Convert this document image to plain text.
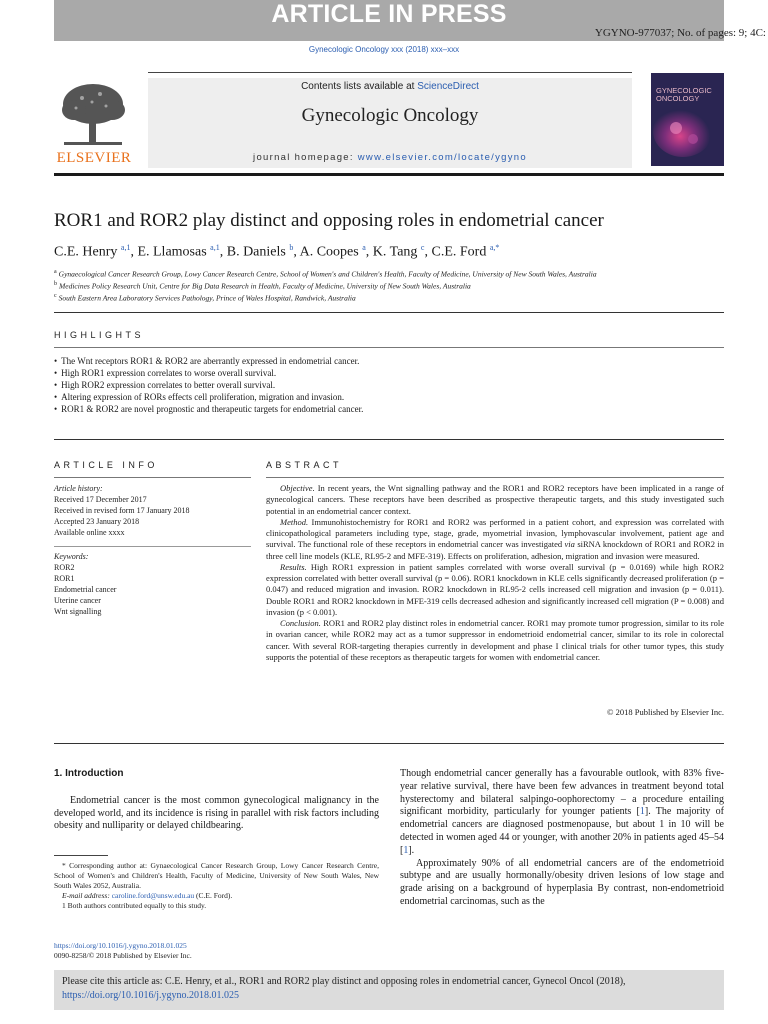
ARTICLE IN PRESS
YGYNO-977037; No. of pages: 9; 4C:
Gynecologic Oncology xxx (2018) xxx–xxx
ELSEVIER
Contents lists available at ScienceDirect
Gynecologic Oncology
journal homepage: www.elsevier.com/locate/ygyno
GYNECOLOGIC
ONCOLOGY
ROR1 and ROR2 play distinct and opposing roles in endometrial cancer
C.E. Henry $^{a,1}$, E. Llamosas $^{a,1}$, B. Daniels $^b$, A. Coopes $^a$, K. Tang $^c$, C.E. Ford $^{a,*}$
$^a$ Gynaecological Cancer Research Group, Lowy Cancer Research Centre, School of Women's and Children's Health, Faculty of Medicine, University of New South Wales, Australia
$^b$ Medicines Policy Research Unit, Centre for Big Data Research in Health, Faculty of Medicine, University of New South Wales, Australia
$^c$ South Eastern Area Laboratory Services Pathology, Prince of Wales Hospital, Randwick, Australia
HIGHLIGHTS
• The Wnt receptors ROR1 & ROR2 are aberrantly expressed in endometrial cancer.
• High ROR1 expression correlates to worse overall survival.
• High ROR2 expression correlates to better overall survival.
• Altering expression of RORs effects cell proliferation, migration and invasion.
• ROR1 & ROR2 are novel prognostic and therapeutic targets for endometrial cancer.
ARTICLE INFO	ABSTRACT
Article history:
Received 17 December 2017
Received in revised form 17 January 2018
Accepted 23 January 2018
Available online xxxx
Keywords:
ROR2
ROR1
Endometrial cancer
Uterine cancer
Wnt signalling

Objective. In recent years, the Wnt signalling pathway and the ROR1 and ROR2 receptors have been implicated in a range of gynecological cancers. These receptors have been described as prospective therapeutic targets, and this study investigated such potential in an endometrial cancer context.

Method. Immunohistochemistry for ROR1 and ROR2 was performed in a patient cohort, and expression was correlated with clinicopathological parameters including type, stage, grade, myometrial invasion, lymphovascular involvement, patient age and survival. The functional role of these receptors in endometrial cancer was investigated via siRNA knockdown of ROR1 and ROR2 in three cell line models (KLE, RL95-2 and MFE-319). Effects on proliferation, adhesion, migration and invasion were measured.

Results. High ROR1 expression in patient samples correlated with worse overall survival (p = 0.0169) while high ROR2 expression correlated with better overall survival (p = 0.06). ROR1 knockdown in KLE cells significantly decreased proliferation (p = 0.047) and reduced migration and invasion. ROR2 knockdown in RL95-2 cells increased cell migration and invasion (p = 0.011). Double ROR1 and ROR2 knockdown in MFE-319 cells decreased adhesion and significantly increased cell migration (P = 0.008) and invasion (p < 0.001).

Conclusion. ROR1 and ROR2 play distinct roles in endometrial cancer. ROR1 may promote tumor progression, similar to its role in ovarian cancer, while ROR2 may act as a tumor suppressor in endometrioid endometrial cancer, similar to its role in colorectal cancer. With several ROR-targeting therapies currently in development and phase I clinical trials for other tumor types, this study supports the potential of these receptors as therapeutic targets for women with endometrial cancer.

© 2018 Published by Elsevier Inc.
1. Introduction

Endometrial cancer is the most common gynecological malignancy in the developed world, and its incidence is rising in parallel with risk factors including obesity and nulliparity or delayed childbearing.

* Corresponding author at: Gynaecological Cancer Research Group, Lowy Cancer Research Centre, School of Women's and Children's Health, Faculty of Medicine, University of New South Wales, New South Wales 2052, Australia.

E-mail address: caroline.ford@unsw.edu.au (C.E. Ford).

1 Both authors contributed equally to this study.

https://doi.org/10.1016/j.ygyno.2018.01.025
0090-8258/© 2018 Published by Elsevier Inc.

Though endometrial cancer generally has a favourable outlook, with 83% five-year relative survival, there have been few advances in treatment beyond total hysterectomy and bilateral salpingo-oophorectomy – a procedure entailing significant morbidity, particularly for younger patients [1]. The majority of endometrial cancers are diagnosed postmenopause, but about 1 in 10 will be detected in women aged 44 or younger, with another 20% in patients aged 45–54 [1].

Approximately 90% of all endometrial cancers are of the endometrioid subtype and are usually hormonally/obesity driven lesions of low stage and grade arising on a background of hyperplasia By contrast, non-endometrioid endometrial carcinomas, such as the

Please cite this article as: C.E. Henry, et al., ROR1 and ROR2 play distinct and opposing roles in endometrial cancer, Gynecol Oncol (2018), https://doi.org/10.1016/j.ygyno.2018.01.025
